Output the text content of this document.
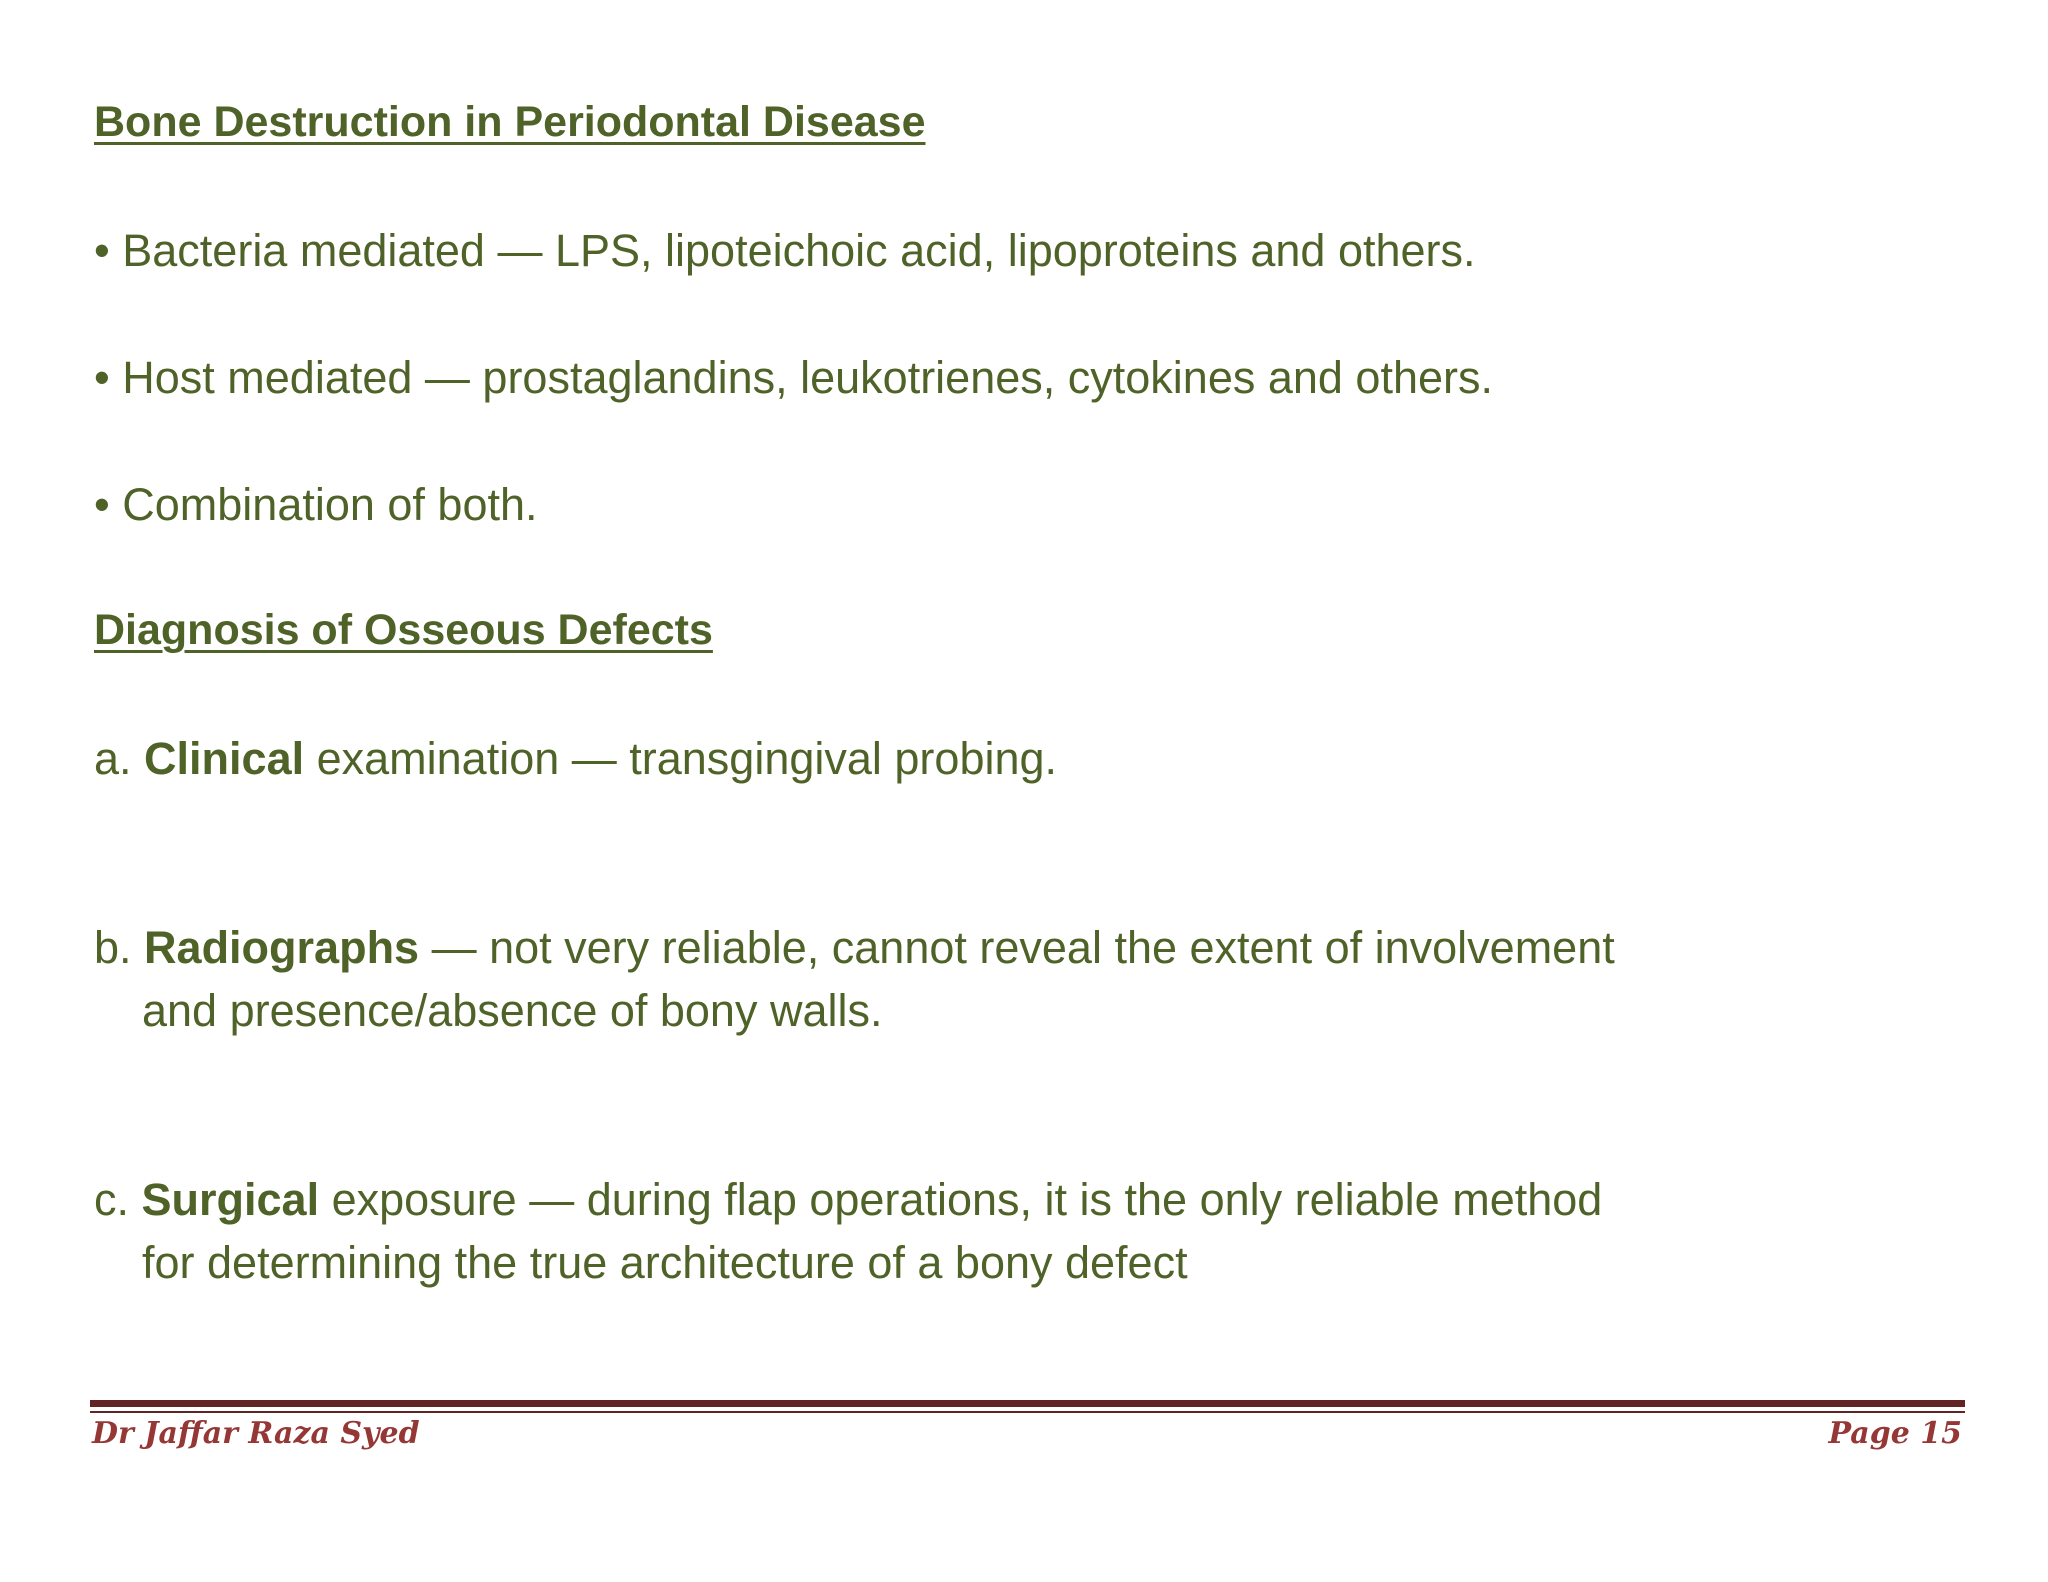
Bone Destruction in Periodontal Disease
• Bacteria mediated — LPS, lipoteichoic acid, lipoproteins and others.
• Host mediated — prostaglandins, leukotrienes, cytokines and others.
• Combination of both.
Diagnosis of Osseous Defects
a. Clinical examination — transgingival probing.
b. Radiographs — not very reliable, cannot reveal the extent of involvement
and presence/absence of bony walls.
c. Surgical exposure — during flap operations, it is the only reliable method
for determining the true architecture of a bony defect
Dr Jaffar Raza Syed	Page 15
